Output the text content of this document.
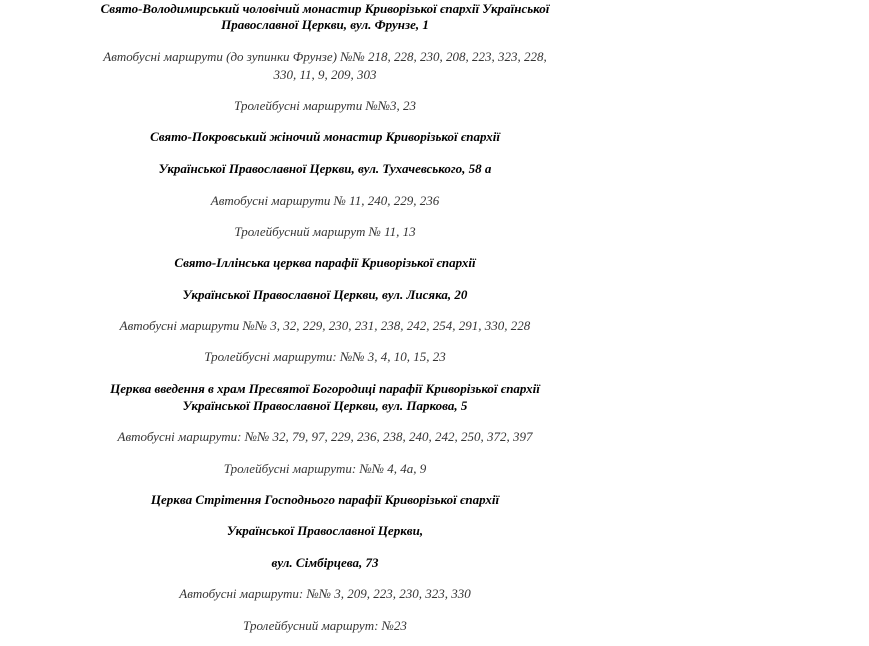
Свято-Володимирський чоловічий монастир Криворізької єпархії Української
Православної Церкви, вул. Фрунзе, 1
Автобусні маршрути (до зупинки Фрунзе) №№ 218, 228, 230, 208, 223, 323, 228,
330, 11, 9, 209, 303
Тролейбусні маршрути №№3, 23
Свято-Покровський жіночий монастир Криворізької єпархії
Української Православної Церкви, вул. Тухачевського, 58 а
Автобусні маршрути № 11, 240, 229, 236
Тролейбусний маршрут № 11, 13
Свято-Іллінська церква парафії Криворізької єпархії
Української Православної Церкви, вул. Лисяка, 20
Автобусні маршрути №№ 3, 32, 229, 230, 231, 238, 242, 254, 291, 330, 228
Тролейбусні маршрути: №№ 3, 4, 10, 15, 23
Церква введення в храм Пресвятої Богородиці парафії Криворізької єпархії
Української Православної Церкви, вул. Паркова, 5
Автобусні маршрути: №№ 32, 79, 97, 229, 236, 238, 240, 242, 250, 372, 397
Тролейбусні маршрути: №№ 4, 4а, 9
Церква Стрітення Господнього парафії Криворізької єпархії
Української Православної Церкви,
вул. Сімбірцева, 73
Автобусні маршрути: №№ 3, 209, 223, 230, 323, 330
Тролейбусний маршрут: №23
